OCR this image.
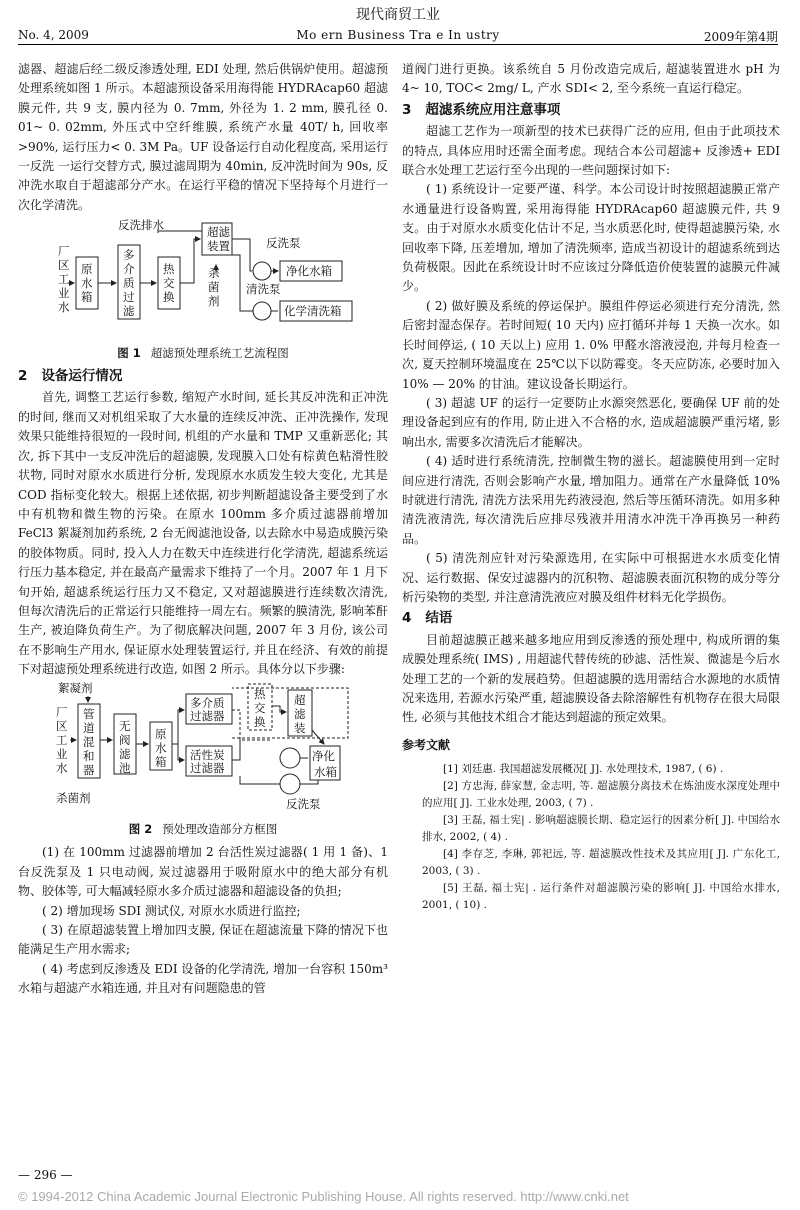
现代商贸工业
No. 4, 2009	Mo ern Business Tra e In ustry	2009年第4期

滤器、超滤后经二级反渗透处理, EDI 处理, 然后供锅炉使用。超滤预处理系统如图 1 所示。本超滤预设备采用海得能 HYDRAcap60 超滤膜元件, 共 9 支, 膜内径为 0. 7mm, 外径为 1. 2 mm, 膜孔径 0. 01~ 0. 02mm, 外压式中空纤维膜, 系统产水量 40T/ h, 回收率>90%, 运行压力< 0. 3M Pa。UF 设备运行自动化程度高, 采用运行 一反洗 一运行交替方式, 膜过滤周期为 40min, 反冲洗时间为 90s, 反冲洗水取自于超滤部分产水。在运行平稳的情况下坚持每个月进行一次化学清洗。

厂区 工业水
原水箱
多介质过滤
热交换
超滤装置
杀菌剂
反洗排水
反洗泵
清洗泵
净化水箱
化学清洗箱
图 1 超滤预处理系统工艺流程图
2 设备运行情况

首先, 调整工艺运行参数, 缩短产水时间, 延长其反冲洗和正冲洗的时间, 继而又对机组采取了大水量的连续反冲洗、正冲洗操作, 发现效果只能维持很短的一段时间, 机组的产水量和 TMP 又重新恶化; 其次, 拆下其中一支反冲洗后的超滤膜, 发现膜入口处有棕黄色粘滑性胶状物, 同时对原水水质进行分析, 发现原水水质发生较大变化, 尤其是 COD 指标变化较大。根据上述依据, 初步判断超滤设备主要受到了水中有机物和微生物的污染。在原水 100mm 多介质过滤器前增加 FeCl3 絮凝剂加药系统, 2 台无阀滤池设备, 以去除水中易造成膜污染的胶体物质。同时, 投入人力在数天中连续进行化学清洗, 超滤系统运行压力基本稳定, 并在最高产量需求下维持了一个月。2007 年 1 月下旬开始, 超滤系统运行压力又不稳定, 又对超滤膜进行连续数次清洗, 但每次清洗后的正常运行只能维持一周左右。频繁的膜清洗, 影响苯酐生产, 被迫降负荷生产。为了彻底解决问题, 2007 年 3 月份, 该公司在不影响生产用水, 保证原水处理装置运行, 并且在经济、有效的前提下对超滤预处理系统进行改造, 如图 2 所示。具体分以下步骤:

絮凝剂
厂区工业水
杀菌剂
管道混和器
无阀滤池
原水箱
多介质过滤器
活性炭过滤器
热交换
超滤装
净化水箱
反洗泵
图 2 预处理改造部分方框图

(1) 在 100mm 过滤器前增加 2 台活性炭过滤器( 1 用 1 备)、1 台反洗泵及 1 只电动阀, 炭过滤器用于吸附原水中的绝大部分有机物、胶体等, 可大幅减轻原水多介质过滤器和超滤设备的负担;

( 2) 增加现场 SDI 测试仪, 对原水水质进行监控;

( 3) 在原超滤装置上增加四支膜, 保证在超滤流量下降的情况下也能满足生产用水需求;

( 4) 考虑到反渗透及 EDI 设备的化学清洗, 增加一台容积 150m³ 水箱与超滤产水箱连通, 并且对有问题隐患的管

道阀门进行更换。该系统自 5 月份改造完成后, 超滤装置进水 pH 为 4~ 10, TOC< 2mg/ L, 产水 SDI< 2, 至今系统一直运行稳定。

3 超滤系统应用注意事项

超滤工艺作为一项新型的技术已获得广泛的应用, 但由于此项技术的特点, 具体应用时还需全面考虑。现结合本公司超滤+ 反渗透+ EDI 联合水处理工艺运行至今出现的一些问题探讨如下:

( 1) 系统设计一定要严谨、科学。本公司设计时按照超滤膜正常产水通量进行设备购置, 采用海得能 HYDRAcap60 超滤膜元件, 共 9 支。由于对原水水质变化估计不足, 当水质恶化时, 使得超滤膜污染, 水回收率下降, 压差增加, 增加了清洗频率, 造成当初设计的超滤系统到达负荷极限。因此在系统设计时不应该过分降低造价使装置的滤膜元件减少。

( 2) 做好膜及系统的停运保护。膜组件停运必须进行充分清洗, 然后密封湿态保存。若时间短( 10 天内) 应打循环并每 1 天换一次水。如长时间停运, ( 10 天以上) 应用 1. 0% 甲醛水溶液浸泡, 并每月检查一次, 夏天控制环境温度在 25℃以下以防霉变。冬天应防冻, 必要时加入 10% — 20% 的甘油。建议设备长期运行。

( 3) 超滤 UF 的运行一定要防止水源突然恶化, 要确保 UF 前的处理设备起到应有的作用, 防止进入不合格的水, 造成超滤膜严重污堵, 影响出水, 需要多次清洗后才能解决。

( 4) 适时进行系统清洗, 控制微生物的滋长。超滤膜使用到一定时间应进行清洗, 否则会影响产水量, 增加阻力。通常在产水量降低 10% 时就进行清洗, 清洗方法采用先药液浸泡, 然后等压循环清洗。如用多种清洗液清洗, 每次清洗后应排尽残液并用清水冲洗干净再换另一种药品。

( 5) 清洗剂应针对污染源选用, 在实际中可根据进水水质变化情况、运行数据、保安过滤器内的沉积物、超滤膜表面沉积物的成分等分析污染物的类型, 并注意清洗液应对膜及组件材料无化学损伤。

4 结语

目前超滤膜正越来越多地应用到反渗透的预处理中, 构成所谓的集成膜处理系统( IMS) , 用超滤代替传统的砂滤、活性炭、微滤是今后水处理工艺的一个新的发展趋势。但超滤膜的选用需结合水源地的水质情况来选用, 若源水污染严重, 超滤膜设备去除溶解性有机物存在很大局限性, 必须与其他技术组合才能达到超滤的预定效果。

参考文献

[1] 刘廷惠. 我国超滤发展概况[ J]. 水处理技术, 1987, ( 6) .

[2] 方忠海, 薛家慧, 金志明, 等. 超滤膜分离技术在炼油废水深度处理中的应用[ J]. 工业水处理, 2003, ( 7) .

[3] 王磊, 福士宪| . 影响超滤膜长期、稳定运行的因素分析[ J]. 中国给水排水, 2002, ( 4) .

[4] 李存芝, 李琳, 郭祀远, 等. 超滤膜改性技术及其应用[ J]. 广东化工, 2003, ( 3) .

[5] 王磊, 福士宪| . 运行条件对超滤膜污染的影响[ J]. 中国给水排水, 2001, ( 10) .

— 296 —
© 1994-2012 China Academic Journal Electronic Publishing House. All rights reserved. http://www.cnki.net
